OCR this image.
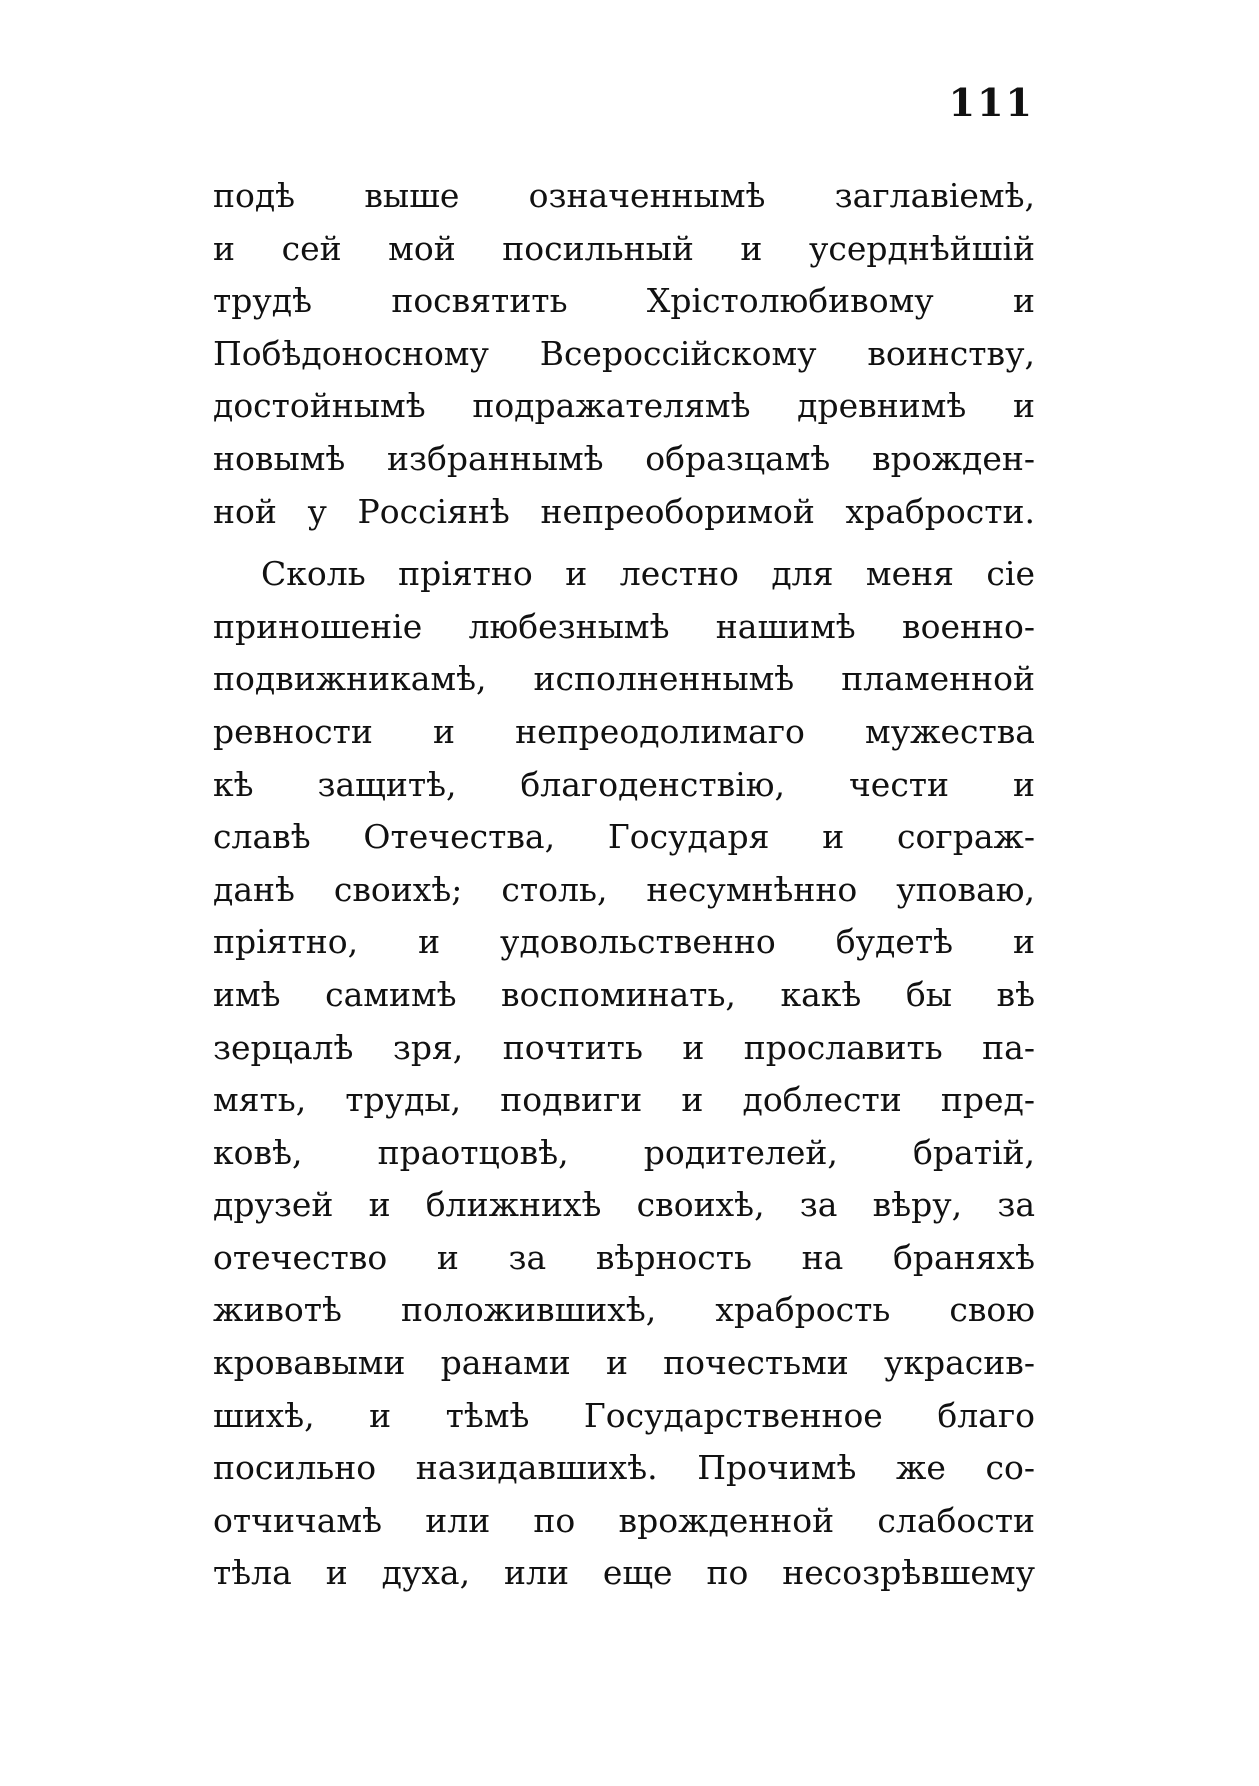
111
подѣ выше означеннымѣ заглавіемѣ,
и сей мой посильный и усерднѣйшій
трудѣ посвятить Хрістолюбивому и
Побѣдоносному Всероссійскому воинству,
достойнымѣ подражателямѣ древнимѣ и
новымѣ избраннымѣ образцамѣ врожден-
ной у Россіянѣ непреоборимой храбрости.
Сколь пріятно и лестно для меня сіе
приношеніе любезнымѣ нашимѣ военно-
подвижникамѣ, исполненнымѣ пламенной
ревности и непреодолимаго мужества
кѣ защитѣ, благоденствію, чести и
славѣ Отечества, Государя и сограж-
данѣ своихѣ; столь, несумнѣнно уповаю,
пріятно, и удовольственно будетѣ и
имѣ самимѣ воспоминать, какѣ бы вѣ
зерцалѣ зря, почтить и прославить па-
мять, труды, подвиги и доблести пред-
ковѣ, праотцовѣ, родителей, братій,
друзей и ближнихѣ своихѣ, за вѣру, за
отечество и за вѣрность на браняхѣ
животѣ положившихѣ, храбрость свою
кровавыми ранами и почестьми украсив-
шихѣ, и тѣмѣ Государственное благо
посильно назидавшихѣ. Прочимѣ же со-
отчичамѣ или по врожденной слабости
тѣла и духа, или еще по несозрѣвшему
